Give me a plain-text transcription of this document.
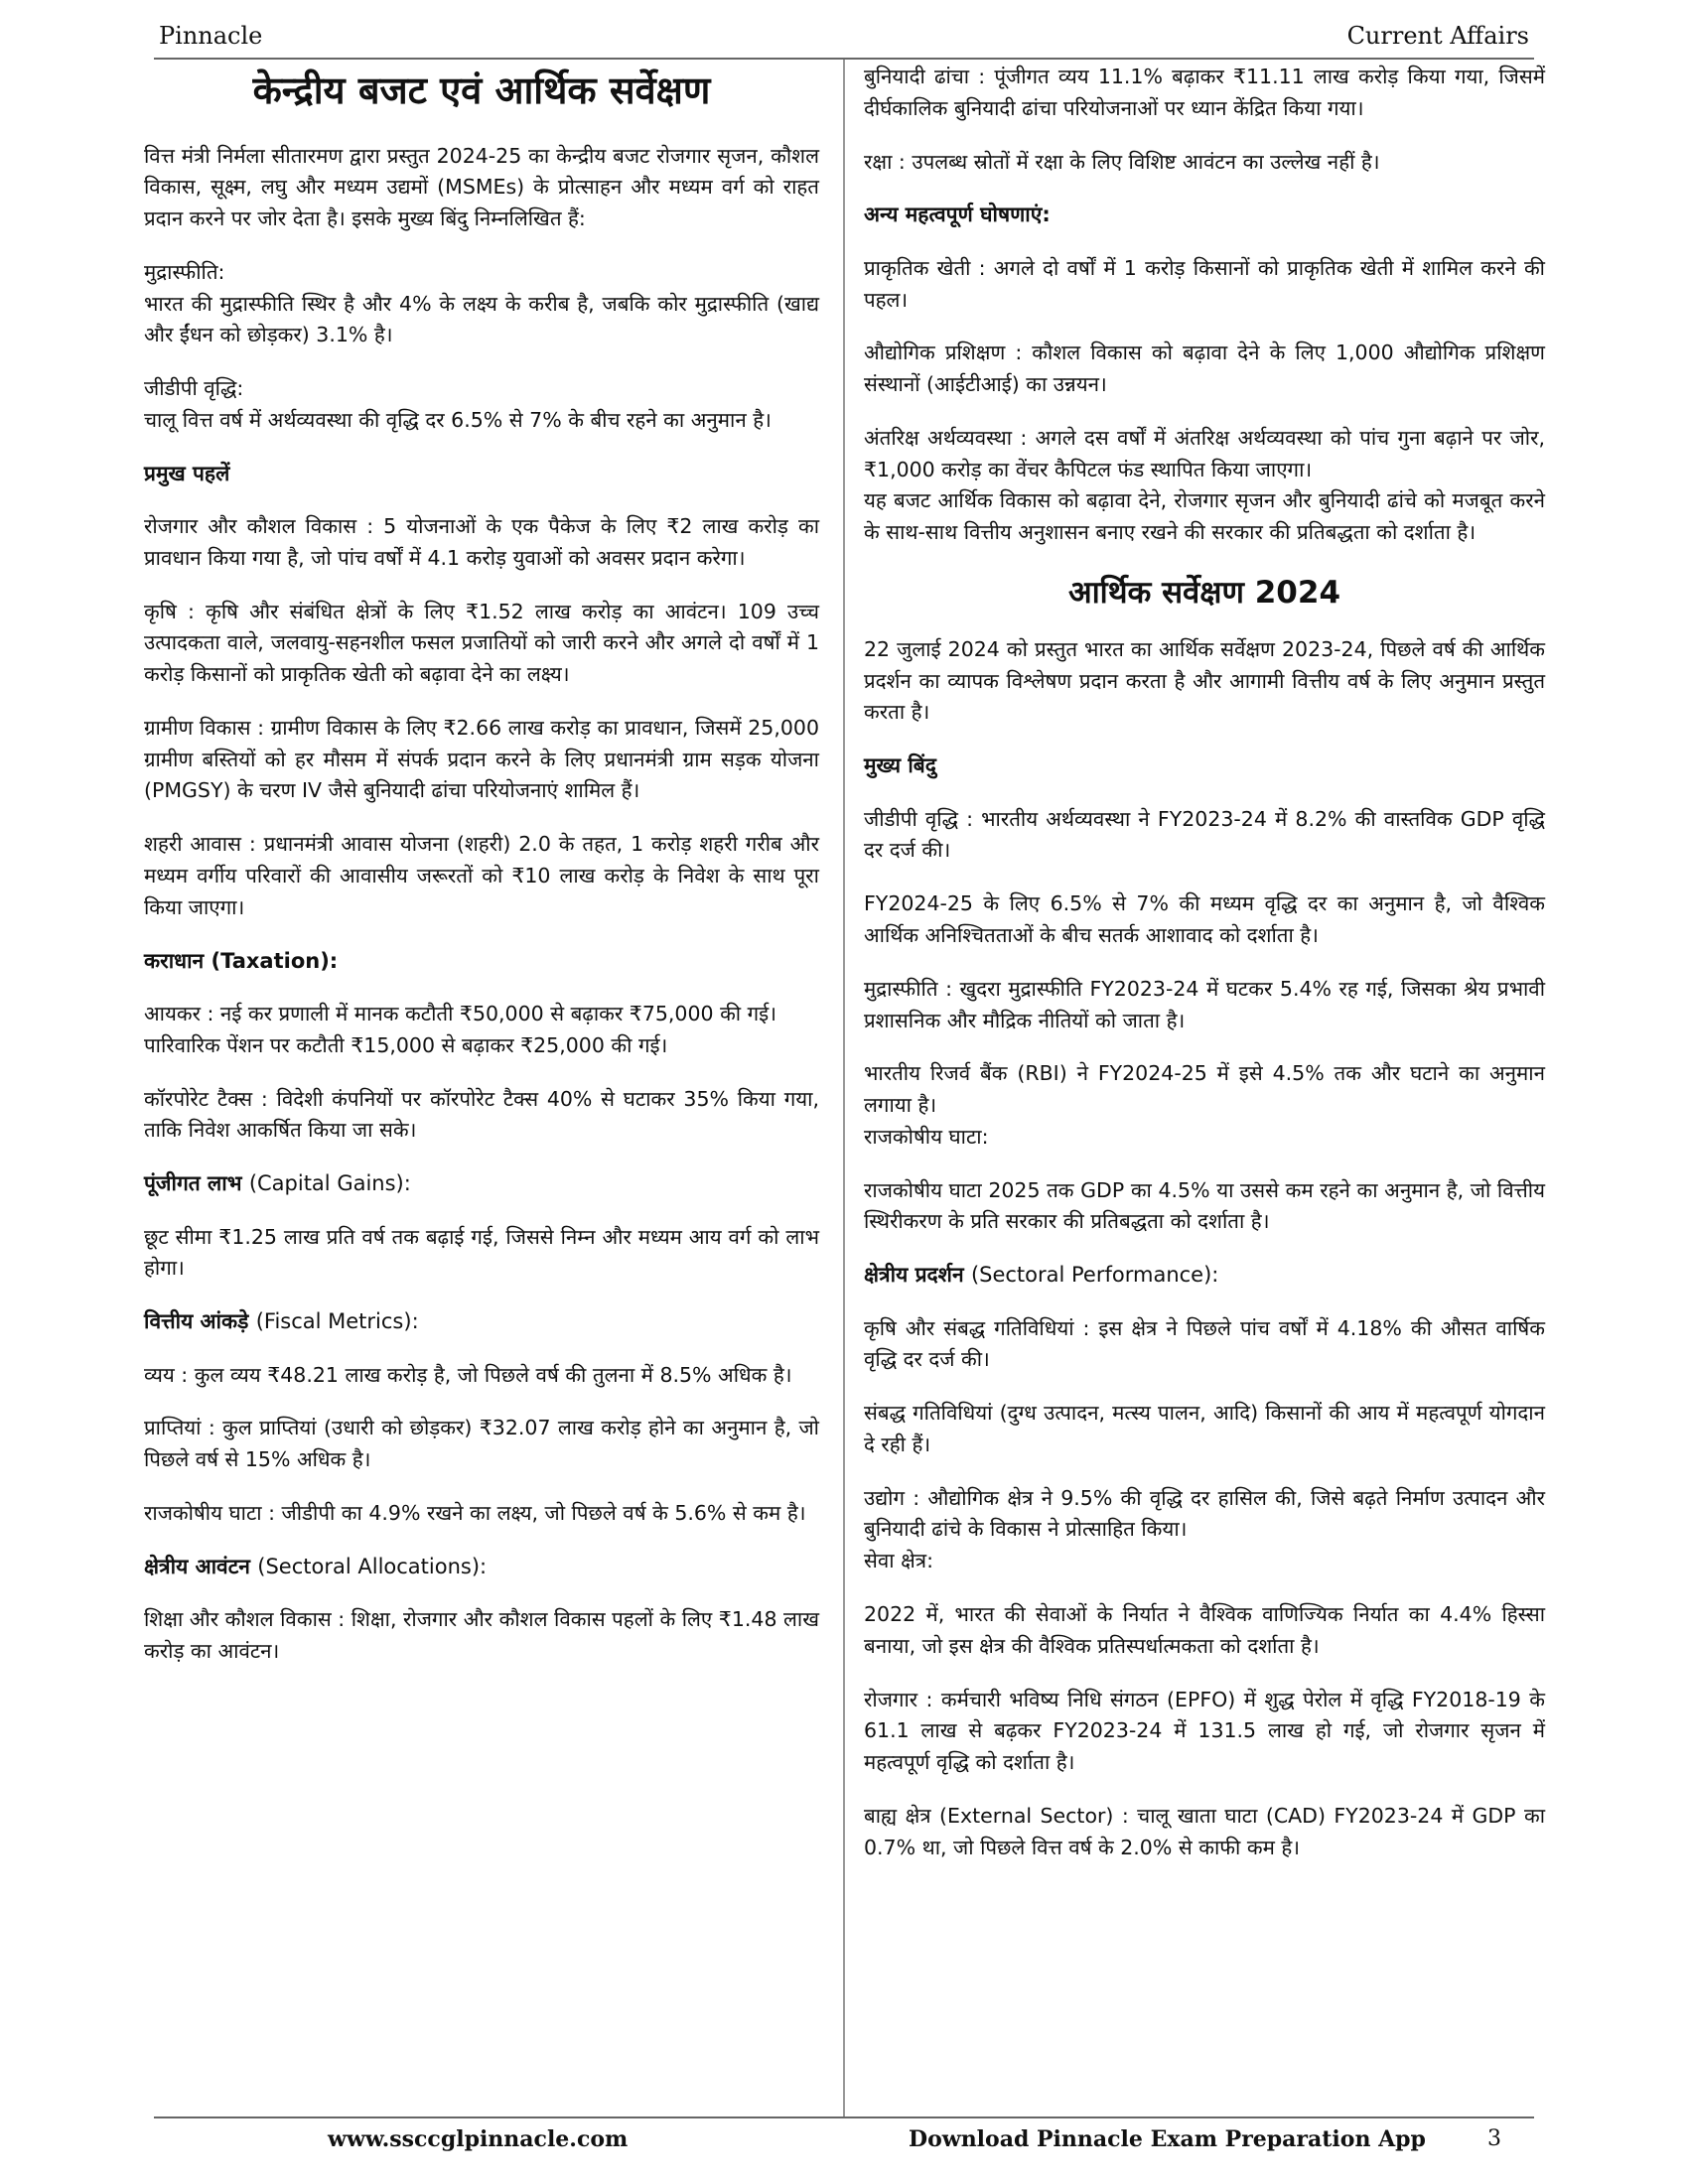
Pinnacle	Current Affairs
केन्द्रीय बजट एवं आर्थिक सर्वेक्षण

वित्त मंत्री निर्मला सीतारमण द्वारा प्रस्तुत 2024-25 का केन्द्रीय बजट रोजगार सृजन, कौशल विकास, सूक्ष्म, लघु और मध्यम उद्यमों (MSMEs) के प्रोत्साहन और मध्यम वर्ग को राहत प्रदान करने पर जोर देता है। इसके मुख्य बिंदु निम्नलिखित हैं:

मुद्रास्फीति:

भारत की मुद्रास्फीति स्थिर है और 4% के लक्ष्य के करीब है, जबकि कोर मुद्रास्फीति (खाद्य और ईंधन को छोड़कर) 3.1% है।

जीडीपी वृद्धि:

चालू वित्त वर्ष में अर्थव्यवस्था की वृद्धि दर 6.5% से 7% के बीच रहने का अनुमान है।

प्रमुख पहलें

रोजगार और कौशल विकास : 5 योजनाओं के एक पैकेज के लिए ₹2 लाख करोड़ का प्रावधान किया गया है, जो पांच वर्षों में 4.1 करोड़ युवाओं को अवसर प्रदान करेगा।

कृषि : कृषि और संबंधित क्षेत्रों के लिए ₹1.52 लाख करोड़ का आवंटन। 109 उच्च उत्पादकता वाले, जलवायु-सहनशील फसल प्रजातियों को जारी करने और अगले दो वर्षों में 1 करोड़ किसानों को प्राकृतिक खेती को बढ़ावा देने का लक्ष्य।

ग्रामीण विकास : ग्रामीण विकास के लिए ₹2.66 लाख करोड़ का प्रावधान, जिसमें 25,000 ग्रामीण बस्तियों को हर मौसम में संपर्क प्रदान करने के लिए प्रधानमंत्री ग्राम सड़क योजना (PMGSY) के चरण IV जैसे बुनियादी ढांचा परियोजनाएं शामिल हैं।

शहरी आवास : प्रधानमंत्री आवास योजना (शहरी) 2.0 के तहत, 1 करोड़ शहरी गरीब और मध्यम वर्गीय परिवारों की आवासीय जरूरतों को ₹10 लाख करोड़ के निवेश के साथ पूरा किया जाएगा।

कराधान (Taxation):

आयकर : नई कर प्रणाली में मानक कटौती ₹50,000 से बढ़ाकर ₹75,000 की गई।

पारिवारिक पेंशन पर कटौती ₹15,000 से बढ़ाकर ₹25,000 की गई।

कॉरपोरेट टैक्स : विदेशी कंपनियों पर कॉरपोरेट टैक्स 40% से घटाकर 35% किया गया, ताकि निवेश आकर्षित किया जा सके।

पूंजीगत लाभ (Capital Gains):

छूट सीमा ₹1.25 लाख प्रति वर्ष तक बढ़ाई गई, जिससे निम्न और मध्यम आय वर्ग को लाभ होगा।

वित्तीय आंकड़े (Fiscal Metrics):

व्यय : कुल व्यय ₹48.21 लाख करोड़ है, जो पिछले वर्ष की तुलना में 8.5% अधिक है।

प्राप्तियां : कुल प्राप्तियां (उधारी को छोड़कर) ₹32.07 लाख करोड़ होने का अनुमान है, जो पिछले वर्ष से 15% अधिक है।

राजकोषीय घाटा : जीडीपी का 4.9% रखने का लक्ष्य, जो पिछले वर्ष के 5.6% से कम है।

क्षेत्रीय आवंटन (Sectoral Allocations):

शिक्षा और कौशल विकास : शिक्षा, रोजगार और कौशल विकास पहलों के लिए ₹1.48 लाख करोड़ का आवंटन।

बुनियादी ढांचा : पूंजीगत व्यय 11.1% बढ़ाकर ₹11.11 लाख करोड़ किया गया, जिसमें दीर्घकालिक बुनियादी ढांचा परियोजनाओं पर ध्यान केंद्रित किया गया।

रक्षा : उपलब्ध स्रोतों में रक्षा के लिए विशिष्ट आवंटन का उल्लेख नहीं है।

अन्य महत्वपूर्ण घोषणाएं:

प्राकृतिक खेती : अगले दो वर्षों में 1 करोड़ किसानों को प्राकृतिक खेती में शामिल करने की पहल।

औद्योगिक प्रशिक्षण : कौशल विकास को बढ़ावा देने के लिए 1,000 औद्योगिक प्रशिक्षण संस्थानों (आईटीआई) का उन्नयन।

अंतरिक्ष अर्थव्यवस्था : अगले दस वर्षों में अंतरिक्ष अर्थव्यवस्था को पांच गुना बढ़ाने पर जोर, ₹1,000 करोड़ का वेंचर कैपिटल फंड स्थापित किया जाएगा।

यह बजट आर्थिक विकास को बढ़ावा देने, रोजगार सृजन और बुनियादी ढांचे को मजबूत करने के साथ-साथ वित्तीय अनुशासन बनाए रखने की सरकार की प्रतिबद्धता को दर्शाता है।

आर्थिक सर्वेक्षण 2024

22 जुलाई 2024 को प्रस्तुत भारत का आर्थिक सर्वेक्षण 2023-24, पिछले वर्ष की आर्थिक प्रदर्शन का व्यापक विश्लेषण प्रदान करता है और आगामी वित्तीय वर्ष के लिए अनुमान प्रस्तुत करता है।

मुख्य बिंदु

जीडीपी वृद्धि : भारतीय अर्थव्यवस्था ने FY2023-24 में 8.2% की वास्तविक GDP वृद्धि दर दर्ज की।

FY2024-25 के लिए 6.5% से 7% की मध्यम वृद्धि दर का अनुमान है, जो वैश्विक आर्थिक अनिश्चितताओं के बीच सतर्क आशावाद को दर्शाता है।

मुद्रास्फीति : खुदरा मुद्रास्फीति FY2023-24 में घटकर 5.4% रह गई, जिसका श्रेय प्रभावी प्रशासनिक और मौद्रिक नीतियों को जाता है।

भारतीय रिजर्व बैंक (RBI) ने FY2024-25 में इसे 4.5% तक और घटाने का अनुमान लगाया है।

राजकोषीय घाटा:

राजकोषीय घाटा 2025 तक GDP का 4.5% या उससे कम रहने का अनुमान है, जो वित्तीय स्थिरीकरण के प्रति सरकार की प्रतिबद्धता को दर्शाता है।

क्षेत्रीय प्रदर्शन (Sectoral Performance):

कृषि और संबद्ध गतिविधियां : इस क्षेत्र ने पिछले पांच वर्षों में 4.18% की औसत वार्षिक वृद्धि दर दर्ज की।

संबद्ध गतिविधियां (दुग्ध उत्पादन, मत्स्य पालन, आदि) किसानों की आय में महत्वपूर्ण योगदान दे रही हैं।

उद्योग : औद्योगिक क्षेत्र ने 9.5% की वृद्धि दर हासिल की, जिसे बढ़ते निर्माण उत्पादन और बुनियादी ढांचे के विकास ने प्रोत्साहित किया।

सेवा क्षेत्र:

2022 में, भारत की सेवाओं के निर्यात ने वैश्विक वाणिज्यिक निर्यात का 4.4% हिस्सा बनाया, जो इस क्षेत्र की वैश्विक प्रतिस्पर्धात्मकता को दर्शाता है।

रोजगार : कर्मचारी भविष्य निधि संगठन (EPFO) में शुद्ध पेरोल में वृद्धि FY2018-19 के 61.1 लाख से बढ़कर FY2023-24 में 131.5 लाख हो गई, जो रोजगार सृजन में महत्वपूर्ण वृद्धि को दर्शाता है।

बाह्य क्षेत्र (External Sector) : चालू खाता घाटा (CAD) FY2023-24 में GDP का 0.7% था, जो पिछले वित्त वर्ष के 2.0% से काफी कम है।

www.ssccglpinnacle.com	Download Pinnacle Exam Preparation App	3
